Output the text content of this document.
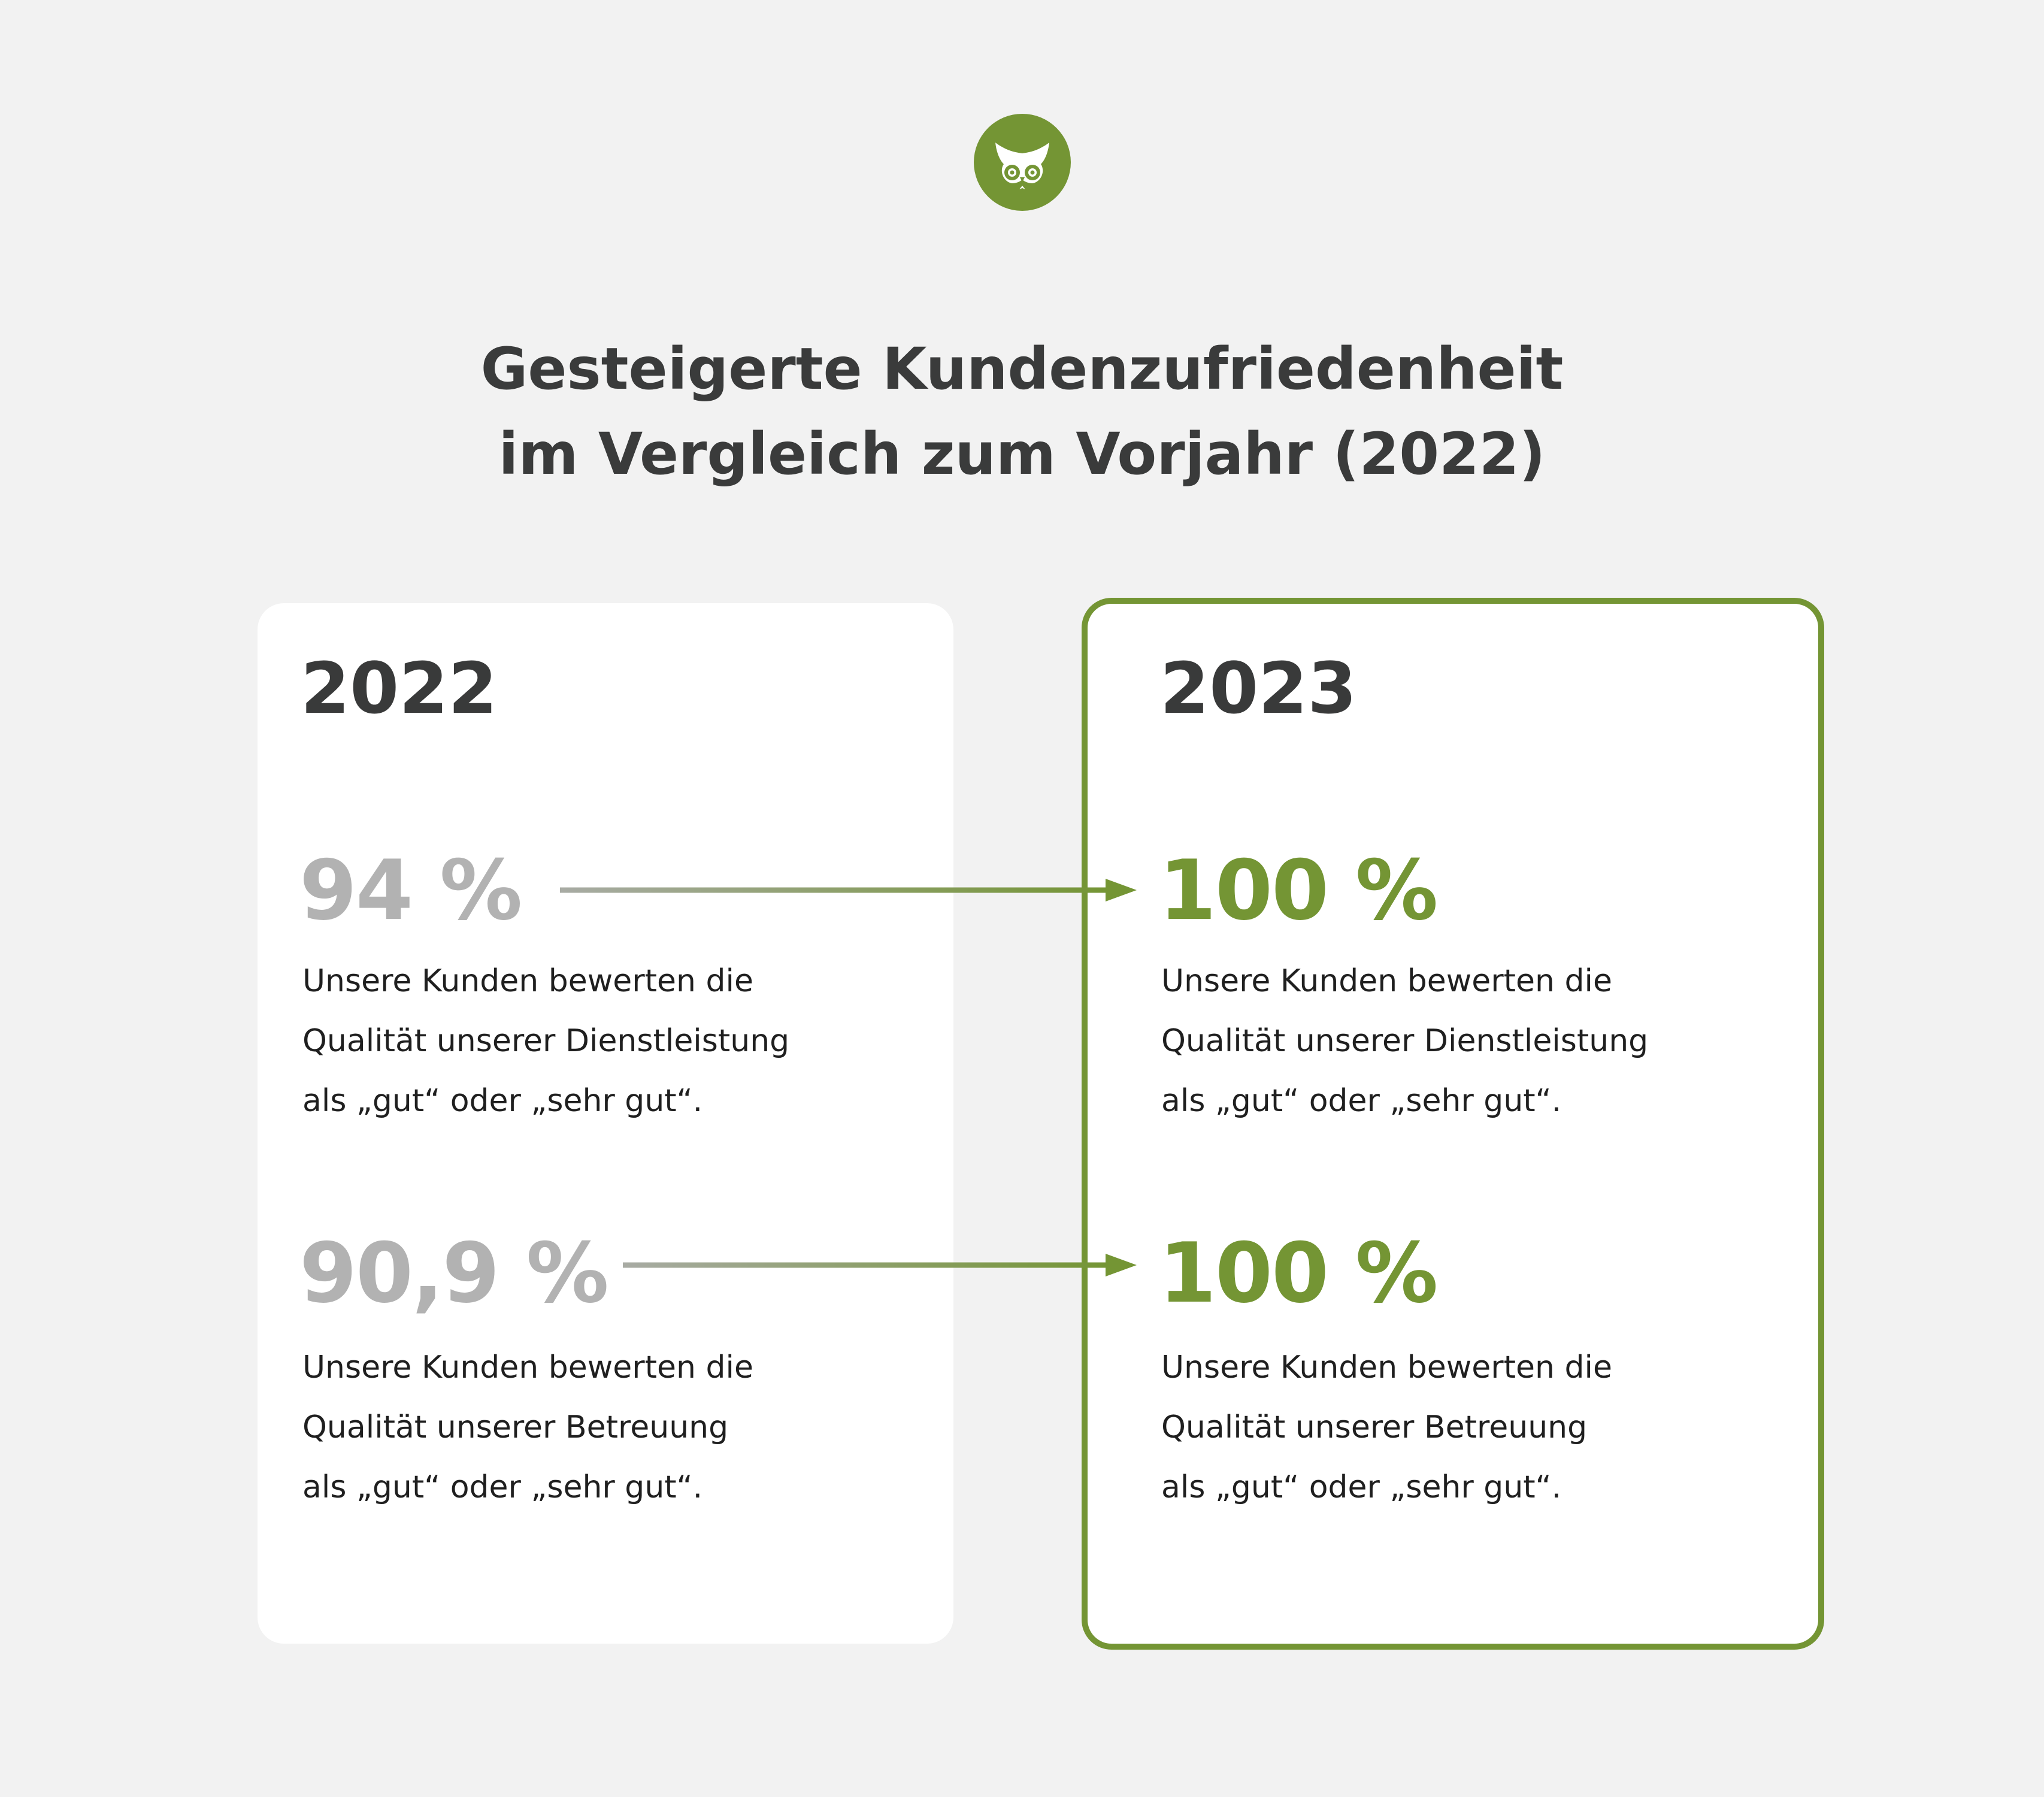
Gesteigerte Kundenzufriedenheit
im Vergleich zum Vorjahr (2022)
2022	2023
94 %
90,9 %
100 %
100 %
Unsere Kunden bewerten die
Qualität unserer Dienstleistung
als „gut“ oder „sehr gut“.
Unsere Kunden bewerten die
Qualität unserer Betreuung
als „gut“ oder „sehr gut“.
Unsere Kunden bewerten die
Qualität unserer Dienstleistung
als „gut“ oder „sehr gut“.
Unsere Kunden bewerten die
Qualität unserer Betreuung
als „gut“ oder „sehr gut“.
